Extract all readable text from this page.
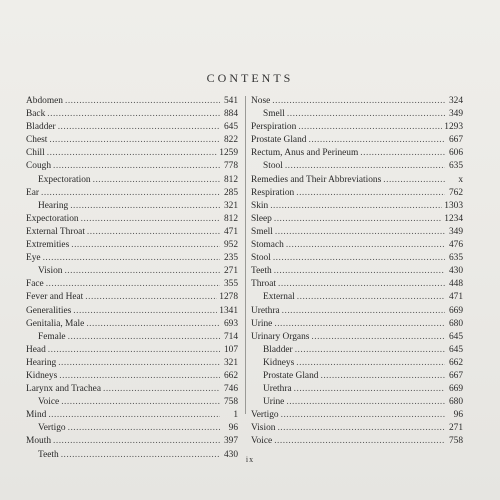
CONTENTS
Abdomen .....	541
Back .....	884
Bladder .....	645
Chest .....	822
Chill .....	1259
Cough .....	778
Expectoration .....	812
Ear .....	285
Hearing .....	321
Expectoration .....	812
External Throat .....	471
Extremities .....	952
Eye .....	235
Vision .....	271
Face .....	355
Fever and Heat .....	1278
Generalities .....	1341
Genitalia, Male .....	693
Female .....	714
Head .....	107
Hearing .....	321
Kidneys .....	662
Larynx and Trachea .....	746
Voice .....	758
Mind .....	1
Vertigo .....	96
Mouth .....	397
Teeth .....	430
Nose .....	324
Smell .....	349
Perspiration .....	1293
Prostate Gland .....	667
Rectum, Anus and Perineum .....	606
Stool .....	635
Remedies and Their Abbreviations .....	x
Respiration .....	762
Skin .....	1303
Sleep .....	1234
Smell .....	349
Stomach .....	476
Stool .....	635
Teeth .....	430
Throat .....	448
External .....	471
Urethra .....	669
Urine .....	680
Urinary Organs .....	645
Bladder .....	645
Kidneys .....	662
Prostate Gland .....	667
Urethra .....	669
Urine .....	680
Vertigo .....	96
Vision .....	271
Voice .....	758
ix
